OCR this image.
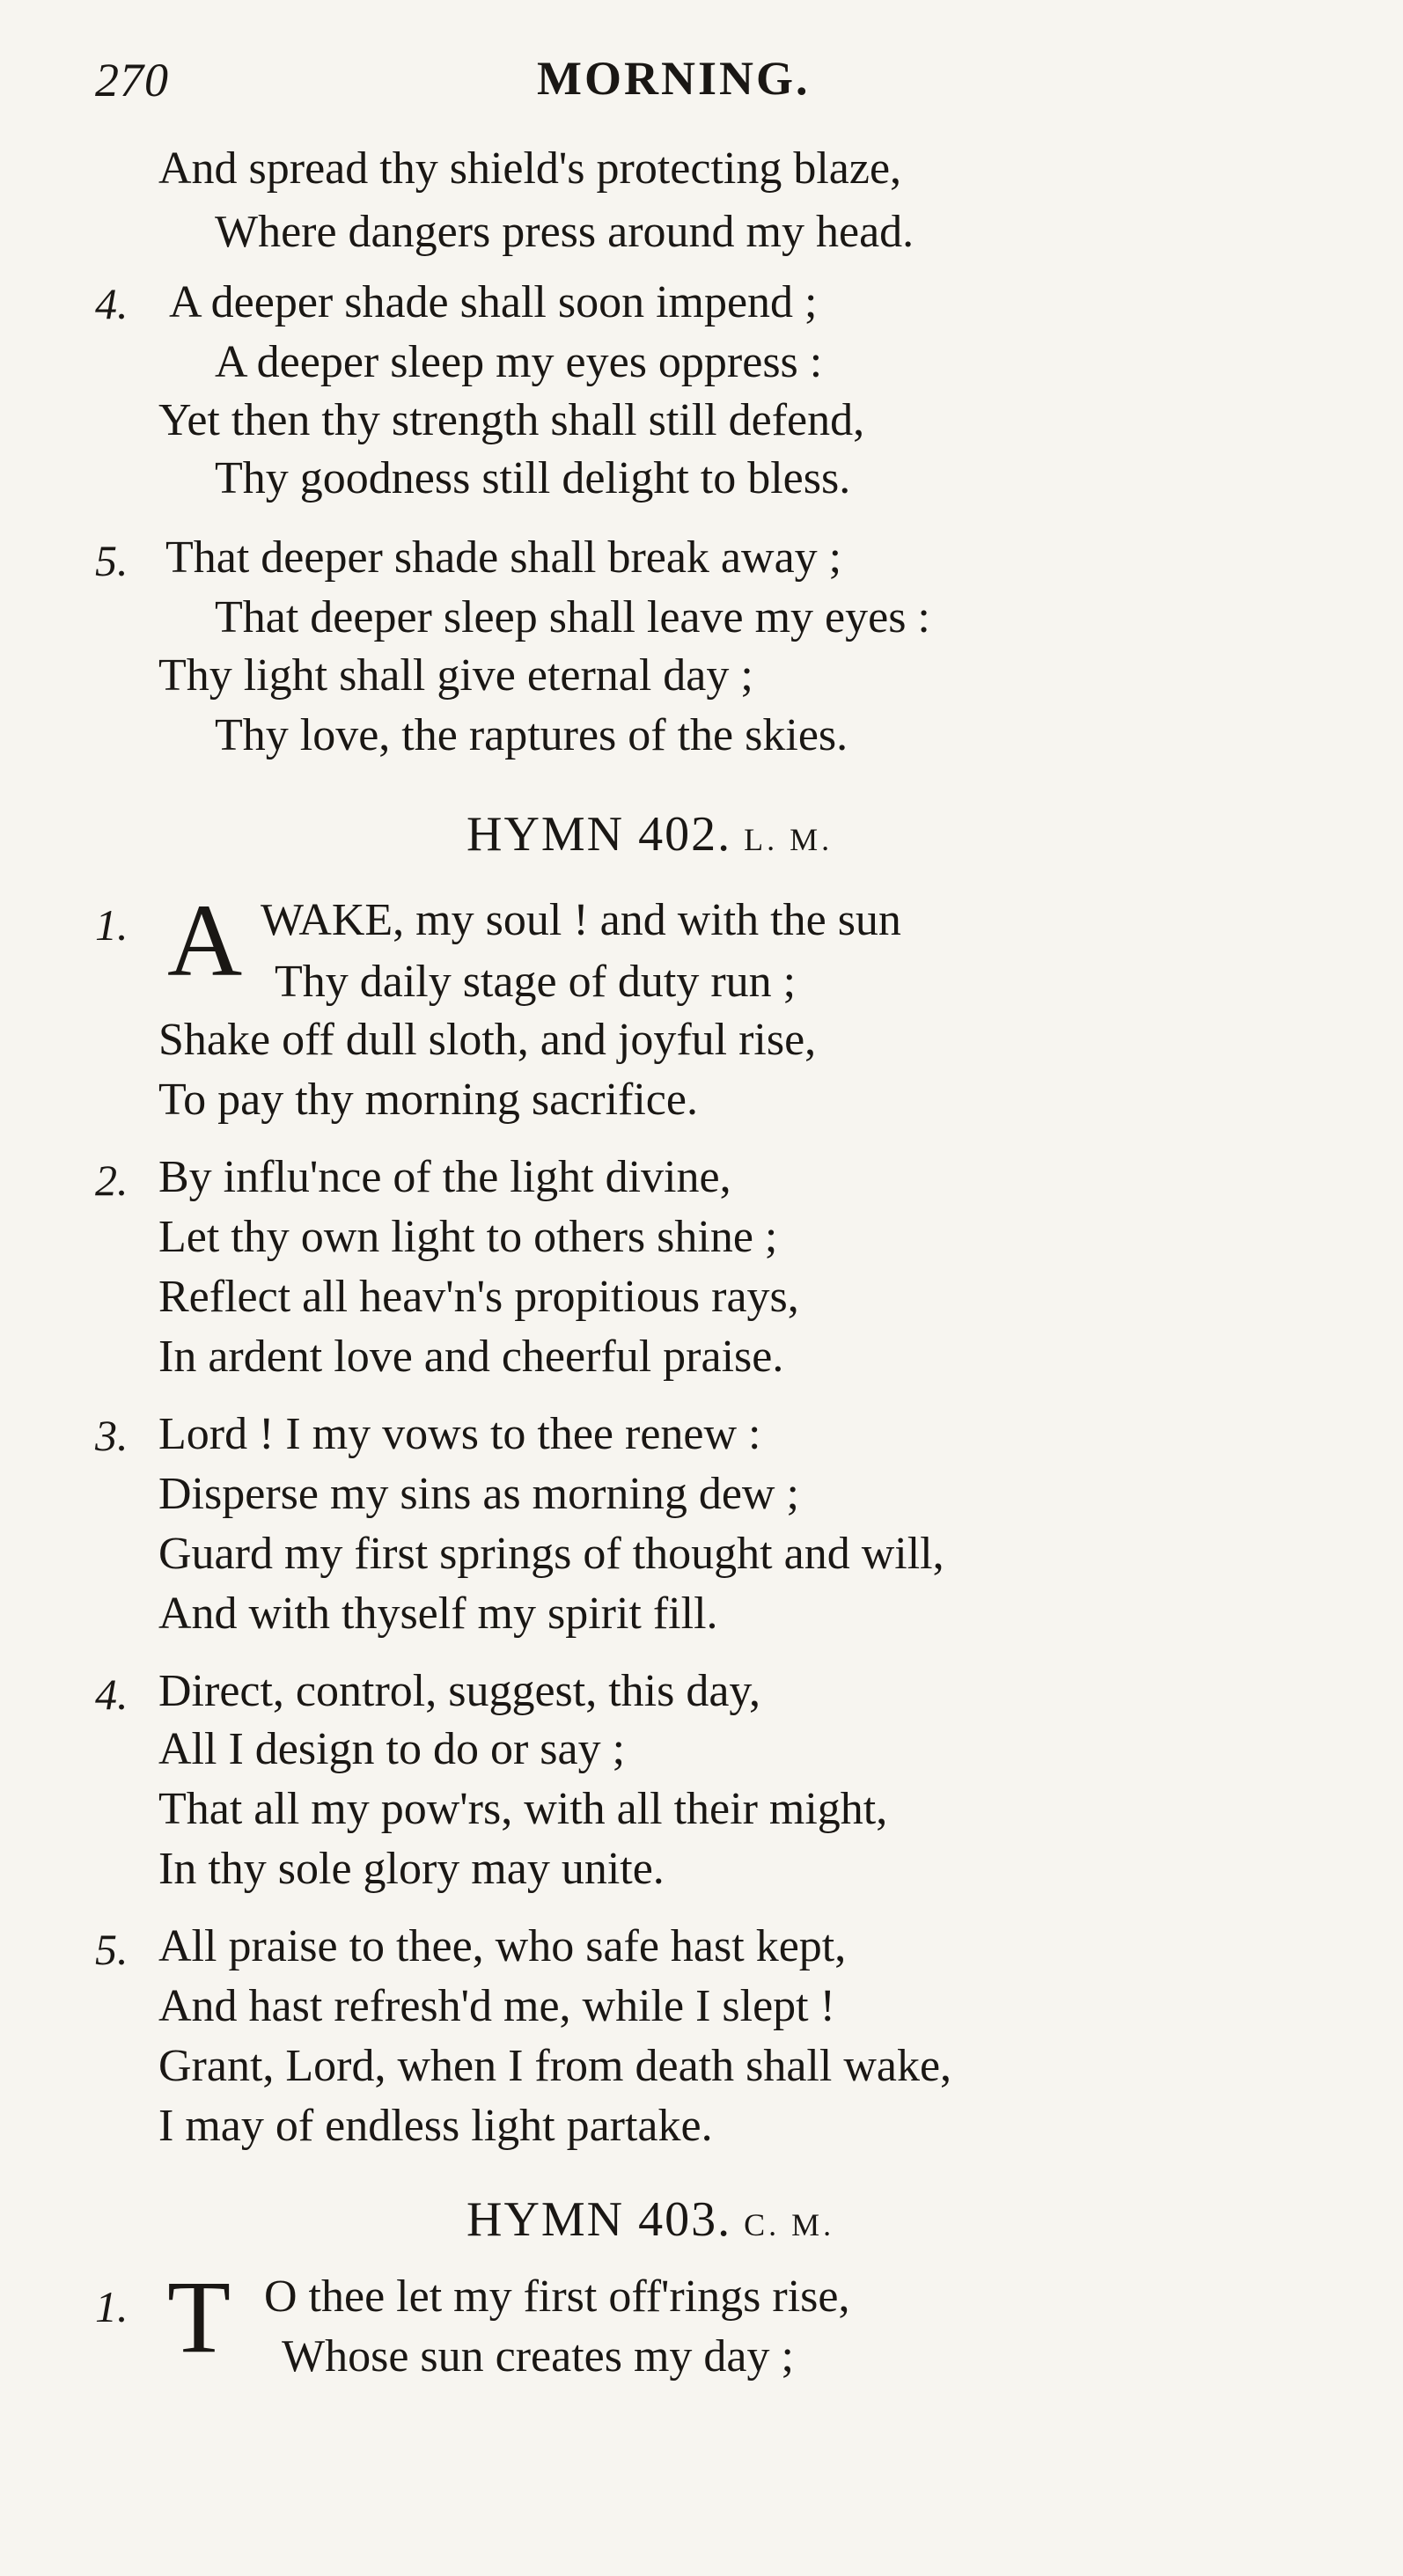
270	MORNING.
And spread thy shield's protecting blaze,
Where dangers press around my head.
4. A deeper shade shall soon impend ;
A deeper sleep my eyes oppress :
Yet then thy strength shall still defend,
Thy goodness still delight to bless.
5. That deeper shade shall break away ;
That deeper sleep shall leave my eyes :
Thy light shall give eternal day ;
Thy love, the raptures of the skies.
HYMN 402. L. M.
1. A WAKE, my soul ! and with the sun
Thy daily stage of duty run ;
Shake off dull sloth, and joyful rise,
To pay thy morning sacrifice.
2. By influ'nce of the light divine,
Let thy own light to others shine ;
Reflect all heav'n's propitious rays,
In ardent love and cheerful praise.
3. Lord ! I my vows to thee renew :
Disperse my sins as morning dew ;
Guard my first springs of thought and will,
And with thyself my spirit fill.
4. Direct, control, suggest, this day,
All I design to do or say ;
That all my pow'rs, with all their might,
In thy sole glory may unite.
5. All praise to thee, who safe hast kept,
And hast refresh'd me, while I slept !
Grant, Lord, when I from death shall wake,
I may of endless light partake.
HYMN 403. C. M.
1. T O thee let my first off'rings rise,
Whose sun creates my day ;
